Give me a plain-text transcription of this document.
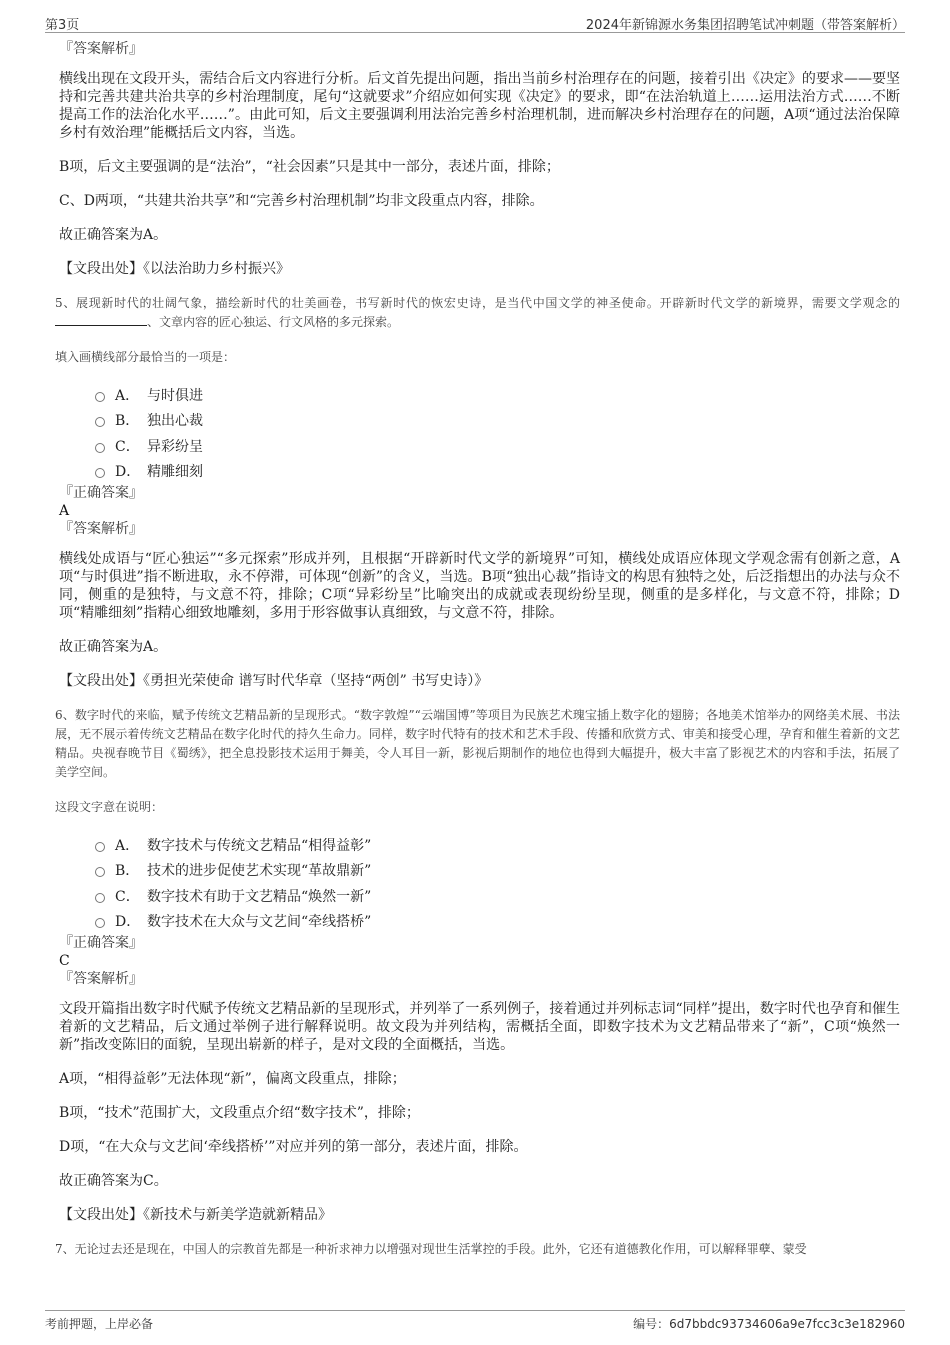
第3页	2024年新锦源水务集团招聘笔试冲刺题（带答案解析）
『答案解析』

横线出现在文段开头，需结合后文内容进行分析。后文首先提出问题，指出当前乡村治理存在的问题，接着引出《决定》的要求——要坚持和完善共建共治共享的乡村治理制度，尾句“这就要求”介绍应如何实现《决定》的要求，即“在法治轨道上……运用法治方式……不断提高工作的法治化水平……”。由此可知，后文主要强调利用法治完善乡村治理机制，进而解决乡村治理存在的问题，A项“通过法治保障乡村有效治理”能概括后文内容，当选。

B项，后文主要强调的是“法治”，“社会因素”只是其中一部分，表述片面，排除；

C、D两项，“共建共治共享”和“完善乡村治理机制”均非文段重点内容，排除。

故正确答案为A。

【文段出处】《以法治助力乡村振兴》

5、展现新时代的壮阔气象，描绘新时代的壮美画卷，书写新时代的恢宏史诗，是当代中国文学的神圣使命。开辟新时代文学的新境界，需要文学观念的、文章内容的匠心独运、行文风格的多元探索。

填入画横线部分最恰当的一项是：

A． 与时俱进
B． 独出心裁
C． 异彩纷呈
D． 精雕细刻
『正确答案』
A
『答案解析』

横线处成语与“匠心独运”“多元探索”形成并列，且根据“开辟新时代文学的新境界”可知，横线处成语应体现文学观念需有创新之意，A项“与时俱进”指不断进取，永不停滞，可体现“创新”的含义，当选。B项“独出心裁”指诗文的构思有独特之处，后泛指想出的办法与众不同，侧重的是独特，与文意不符，排除；C项“异彩纷呈”比喻突出的成就或表现纷纷呈现，侧重的是多样化，与文意不符，排除；D项“精雕细刻”指精心细致地雕刻，多用于形容做事认真细致，与文意不符，排除。

故正确答案为A。

【文段出处】《勇担光荣使命 谱写时代华章（坚持“两创” 书写史诗）》

6、数字时代的来临，赋予传统文艺精品新的呈现形式。“数字敦煌”“云端国博”等项目为民族艺术瑰宝插上数字化的翅膀；各地美术馆举办的网络美术展、书法展，无不展示着传统文艺精品在数字化时代的持久生命力。同样，数字时代特有的技术和艺术手段、传播和欣赏方式、审美和接受心理，孕育和催生着新的文艺精品。央视春晚节目《蜀绣》，把全息投影技术运用于舞美，令人耳目一新，影视后期制作的地位也得到大幅提升，极大丰富了影视艺术的内容和手法，拓展了美学空间。

这段文字意在说明：

A． 数字技术与传统文艺精品“相得益彰”
B． 技术的进步促使艺术实现“革故鼎新”
C． 数字技术有助于文艺精品“焕然一新”
D． 数字技术在大众与文艺间“牵线搭桥”
『正确答案』
C
『答案解析』

文段开篇指出数字时代赋予传统文艺精品新的呈现形式，并列举了一系列例子，接着通过并列标志词“同样”提出，数字时代也孕育和催生着新的文艺精品，后文通过举例子进行解释说明。故文段为并列结构，需概括全面，即数字技术为文艺精品带来了“新”，C项“焕然一新”指改变陈旧的面貌，呈现出崭新的样子，是对文段的全面概括，当选。

A项，“相得益彰”无法体现“新”，偏离文段重点，排除；

B项，“技术”范围扩大，文段重点介绍“数字技术”，排除；

D项，“在大众与文艺间‘牵线搭桥’”对应并列的第一部分，表述片面，排除。

故正确答案为C。

【文段出处】《新技术与新美学造就新精品》

7、无论过去还是现在，中国人的宗教首先都是一种祈求神力以增强对现世生活掌控的手段。此外，它还有道德教化作用，可以解释罪孽、蒙受

考前押题，上岸必备	编号：6d7bbdc93734606a9e7fcc3c3e182960
